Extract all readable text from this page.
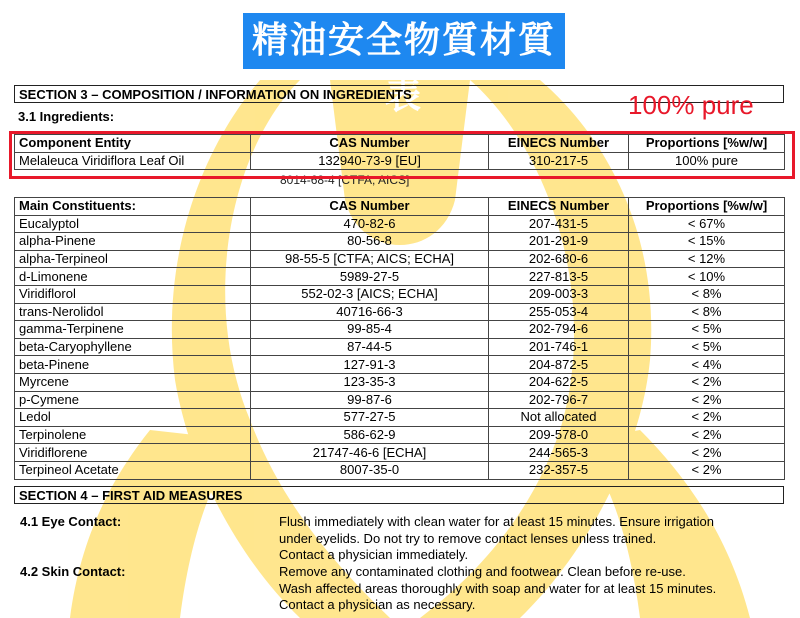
精油安全物質材質表
SECTION 3 – COMPOSITION / INFORMATION ON INGREDIENTS
3.1 Ingredients:	100% pure
Component Entity	CAS Number	EINECS Number	Proportions [%w/w]
Melaleuca Viridiflora Leaf Oil	132940-73-9 [EU]	310-217-5	100% pure
8014-68-4 [CTFA; AICS]
Main Constituents:	CAS Number	EINECS Number	Proportions [%w/w]
Eucalyptol	470-82-6	207-431-5	< 67%
alpha-Pinene	80-56-8	201-291-9	< 15%
alpha-Terpineol	98-55-5 [CTFA; AICS; ECHA]	202-680-6	< 12%
d-Limonene	5989-27-5	227-813-5	< 10%
Viridiflorol	552-02-3 [AICS; ECHA]	209-003-3	< 8%
trans-Nerolidol	40716-66-3	255-053-4	< 8%
gamma-Terpinene	99-85-4	202-794-6	< 5%
beta-Caryophyllene	87-44-5	201-746-1	< 5%
beta-Pinene	127-91-3	204-872-5	< 4%
Myrcene	123-35-3	204-622-5	< 2%
p-Cymene	99-87-6	202-796-7	< 2%
Ledol	577-27-5	Not allocated	< 2%
Terpinolene	586-62-9	209-578-0	< 2%
Viridiflorene	21747-46-6 [ECHA]	244-565-3	< 2%
Terpineol Acetate	8007-35-0	232-357-5	< 2%
SECTION 4 – FIRST AID MEASURES
4.1 Eye Contact:	Flush immediately with clean water for at least 15 minutes. Ensure irrigation
under eyelids. Do not try to remove contact lenses unless trained.
Contact a physician immediately.
4.2 Skin Contact:	Remove any contaminated clothing and footwear. Clean before re-use.
Wash affected areas thoroughly with soap and water for at least 15 minutes.
Contact a physician as necessary.
